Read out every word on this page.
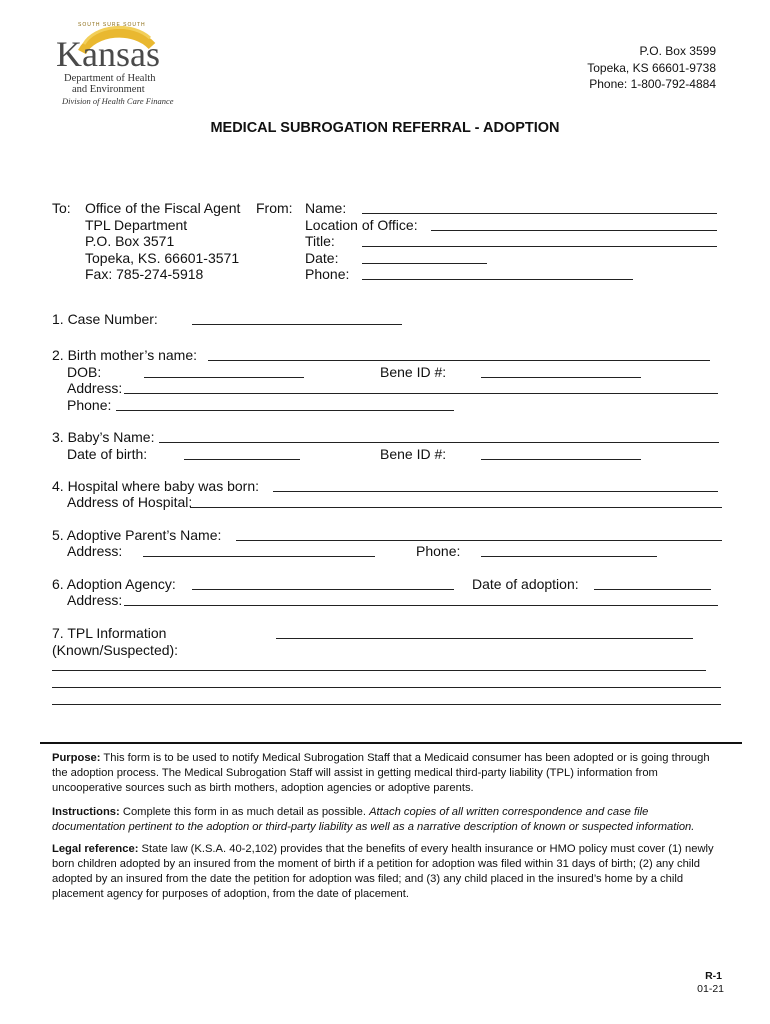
SOUTH SURE SOUTH
Kansas
Department of Health
and Environment
Division of Health Care Finance
P.O. Box 3599
Topeka, KS 66601-9738
Phone: 1-800-792-4884
MEDICAL SUBROGATION REFERRAL - ADOPTION
To: Office of the Fiscal Agent
TPL Department
P.O. Box 3571
Topeka, KS. 66601-3571
Fax: 785-274-5918
From: Name:
Location of Office:
Title:
Date:
Phone:
1. Case Number:
2. Birth mother’s name:
DOB:	Bene ID #:
Address:
Phone:
3. Baby’s Name:
Date of birth:	Bene ID #:
4. Hospital where baby was born:
Address of Hospital:
5. Adoptive Parent’s Name:
Address:	Phone:
6. Adoption Agency:	Date of adoption:
Address:
7. TPL Information
(Known/Suspected):
Purpose: This form is to be used to notify Medical Subrogation Staff that a Medicaid consumer has been adopted or is going through the adoption process. The Medical Subrogation Staff will assist in getting medical third-party liability (TPL) information from uncooperative sources such as birth mothers, adoption agencies or adoptive parents.
Instructions: Complete this form in as much detail as possible. Attach copies of all written correspondence and case file documentation pertinent to the adoption or third-party liability as well as a narrative description of known or suspected information.
Legal reference: State law (K.S.A. 40-2,102) provides that the benefits of every health insurance or HMO policy must cover (1) newly born children adopted by an insured from the moment of birth if a petition for adoption was filed within 31 days of birth; (2) any child adopted by an insured from the date the petition for adoption was filed; and (3) any child placed in the insured’s home by a child placement agency for purposes of adoption, from the date of placement.
R-1
01-21
